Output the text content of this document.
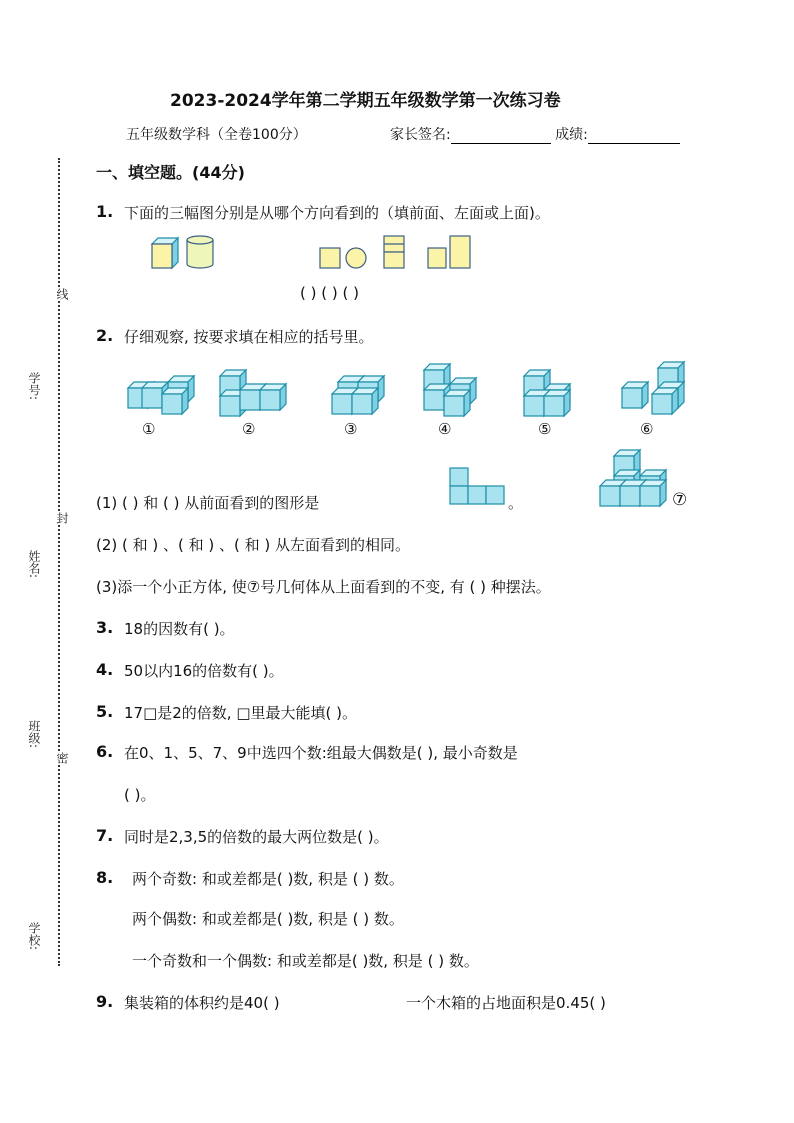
2023-2024学年第二学期五年级数学第一次练习卷
五年级数学科（全卷100分）	家长签名:	成绩:
学号:
姓名:
班级:
学校:
线
封
密
一、填空题。(44分)
1. 下面的三幅图分别是从哪个方向看到的（填前面、左面或上面)。
( ) ( ) ( )
2. 仔细观察, 按要求填在相应的括号里。
①	②	③	④	⑤	⑥
(1) ( ) 和 ( ) 从前面看到的图形是	。	⑦
(2) ( 和 ) 、( 和 ) 、( 和 ) 从左面看到的相同。
(3)添一个小正方体, 使⑦号几何体从上面看到的不变, 有 ( ) 种摆法。
3. 18的因数有( )。
4. 50以内16的倍数有( )。
5. 17□是2的倍数, □里最大能填( )。
6. 在0、1、5、7、9中选四个数:组最大偶数是( ), 最小奇数是
( )。
7. 同时是2,3,5的倍数的最大两位数是( )。
8. 两个奇数: 和或差都是( )数, 积是 ( ) 数。
两个偶数: 和或差都是( )数, 积是 ( ) 数。
一个奇数和一个偶数: 和或差都是( )数, 积是 ( ) 数。
9. 集装箱的体积约是40( )	一个木箱的占地面积是0.45( )
